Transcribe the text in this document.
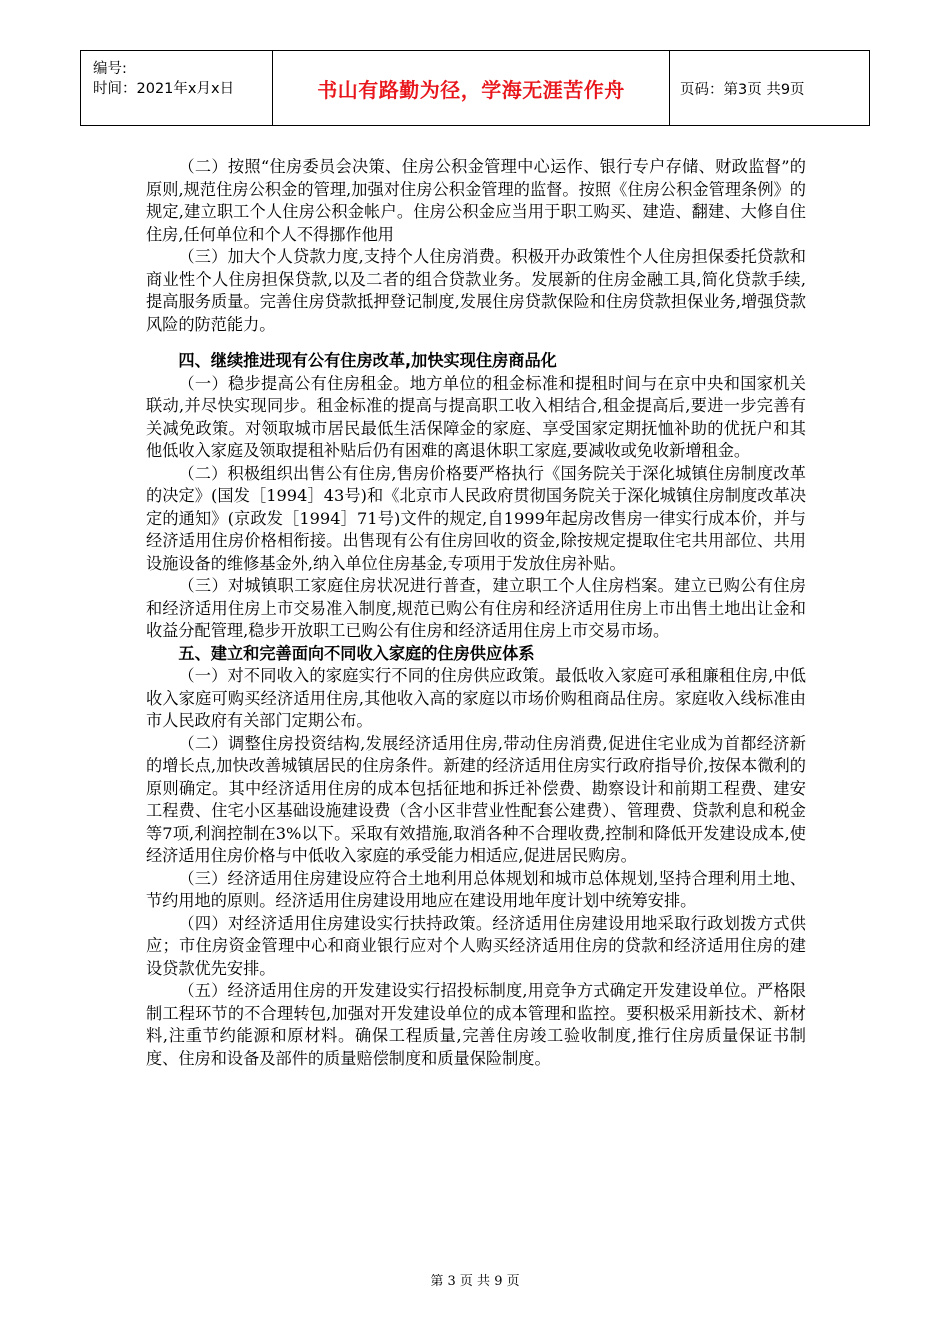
编号:
时间：2021年x月x日	书山有路勤为径，学海无涯苦作舟	页码：第3页 共9页

（二）按照“住房委员会决策、住房公积金管理中心运作、银行专户存储、财政监督”的原则,规范住房公积金的管理,加强对住房公积金管理的监督。按照《住房公积金管理条例》的规定,建立职工个人住房公积金帐户。住房公积金应当用于职工购买、建造、翻建、大修自住住房,任何单位和个人不得挪作他用

（三）加大个人贷款力度,支持个人住房消费。积极开办政策性个人住房担保委托贷款和商业性个人住房担保贷款,以及二者的组合贷款业务。发展新的住房金融工具,简化贷款手续,提高服务质量。完善住房贷款抵押登记制度,发展住房贷款保险和住房贷款担保业务,增强贷款风险的防范能力。

四、继续推进现有公有住房改革,加快实现住房商品化

（一）稳步提高公有住房租金。地方单位的租金标准和提租时间与在京中央和国家机关联动,并尽快实现同步。租金标准的提高与提高职工收入相结合,租金提高后,要进一步完善有关减免政策。对领取城市居民最低生活保障金的家庭、享受国家定期抚恤补助的优抚户和其他低收入家庭及领取提租补贴后仍有困难的离退休职工家庭,要减收或免收新增租金。

（二）积极组织出售公有住房,售房价格要严格执行《国务院关于深化城镇住房制度改革的决定》(国发［1994］43号)和《北京市人民政府贯彻国务院关于深化城镇住房制度改革决定的通知》(京政发［1994］71号)文件的规定,自1999年起房改售房一律实行成本价，并与经济适用住房价格相衔接。出售现有公有住房回收的资金,除按规定提取住宅共用部位、共用设施设备的维修基金外,纳入单位住房基金,专项用于发放住房补贴。

（三）对城镇职工家庭住房状况进行普查，建立职工个人住房档案。建立已购公有住房和经济适用住房上市交易准入制度,规范已购公有住房和经济适用住房上市出售土地出让金和收益分配管理,稳步开放职工已购公有住房和经济适用住房上市交易市场。

五、建立和完善面向不同收入家庭的住房供应体系

（一）对不同收入的家庭实行不同的住房供应政策。最低收入家庭可承租廉租住房,中低收入家庭可购买经济适用住房,其他收入高的家庭以市场价购租商品住房。家庭收入线标准由市人民政府有关部门定期公布。

（二）调整住房投资结构,发展经济适用住房,带动住房消费,促进住宅业成为首都经济新的增长点,加快改善城镇居民的住房条件。新建的经济适用住房实行政府指导价,按保本微利的原则确定。其中经济适用住房的成本包括征地和拆迁补偿费、勘察设计和前期工程费、建安工程费、住宅小区基础设施建设费（含小区非营业性配套公建费）、管理费、贷款利息和税金等7项,利润控制在3%以下。采取有效措施,取消各种不合理收费,控制和降低开发建设成本,使经济适用住房价格与中低收入家庭的承受能力相适应,促进居民购房。

（三）经济适用住房建设应符合土地利用总体规划和城市总体规划,坚持合理利用土地、节约用地的原则。经济适用住房建设用地应在建设用地年度计划中统筹安排。

（四）对经济适用住房建设实行扶持政策。经济适用住房建设用地采取行政划拨方式供应；市住房资金管理中心和商业银行应对个人购买经济适用住房的贷款和经济适用住房的建设贷款优先安排。

（五）经济适用住房的开发建设实行招投标制度,用竞争方式确定开发建设单位。严格限制工程环节的不合理转包,加强对开发建设单位的成本管理和监控。要积极采用新技术、新材料,注重节约能源和原材料。确保工程质量,完善住房竣工验收制度,推行住房质量保证书制度、住房和设备及部件的质量赔偿制度和质量保险制度。

第 3 页 共 9 页
